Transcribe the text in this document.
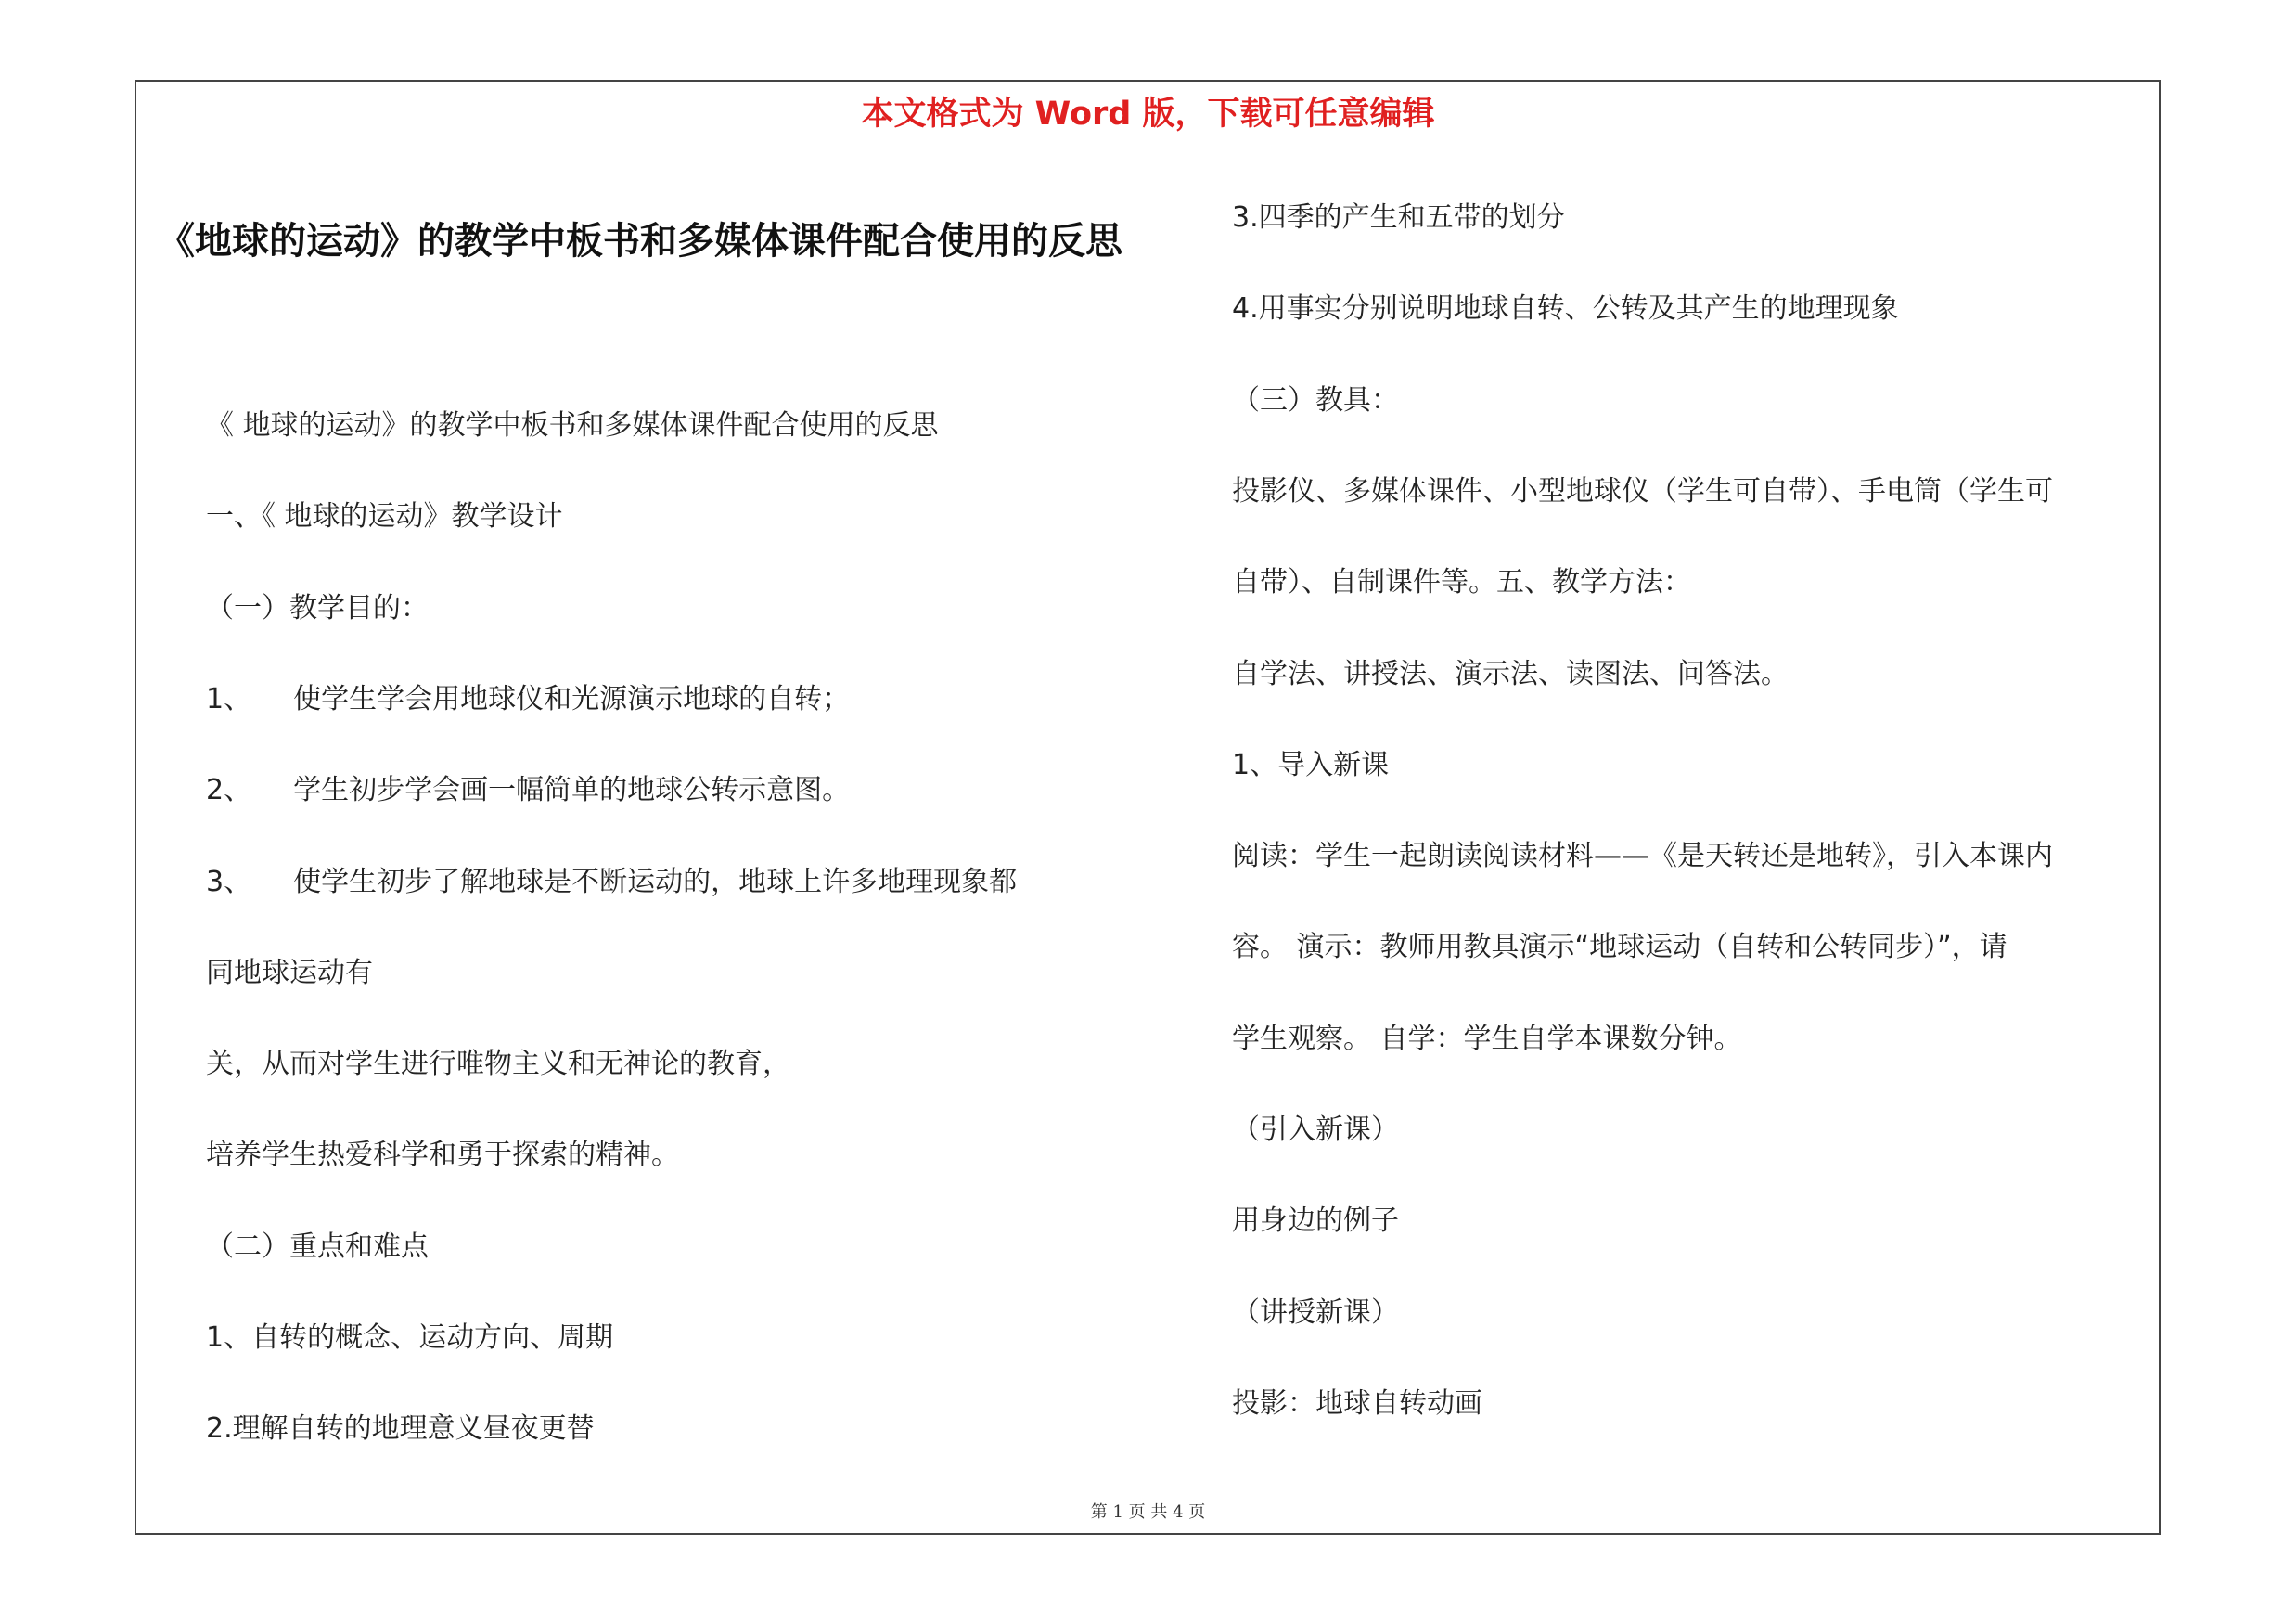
本文格式为 Word 版，下载可任意编辑
《地球的运动》的教学中板书和多媒体课件配合使用的反思
《 地球的运动》的教学中板书和多媒体课件配合使用的反思
一、《 地球的运动》教学设计
（一）教学目的：
1、　　使学生学会用地球仪和光源演示地球的自转；
2、　　学生初步学会画一幅简单的地球公转示意图。
3、　　使学生初步了解地球是不断运动的，地球上许多地理现象都
同地球运动有
关，从而对学生进行唯物主义和无神论的教育，
培养学生热爱科学和勇于探索的精神。
（二）重点和难点
1、自转的概念、运动方向、周期
2.理解自转的地理意义昼夜更替
3.四季的产生和五带的划分
4.用事实分别说明地球自转、公转及其产生的地理现象
（三）教具：
投影仪、多媒体课件、小型地球仪（学生可自带）、手电筒（学生可
自带）、自制课件等。五、教学方法：
自学法、讲授法、演示法、读图法、问答法。
1、导入新课
阅读：学生一起朗读阅读材料——《是天转还是地转》，引入本课内
容。 演示：教师用教具演示“地球运动（自转和公转同步）”，请
学生观察。 自学：学生自学本课数分钟。
（引入新课）
用身边的例子
（讲授新课）
投影：地球自转动画
第 1 页 共 4 页
